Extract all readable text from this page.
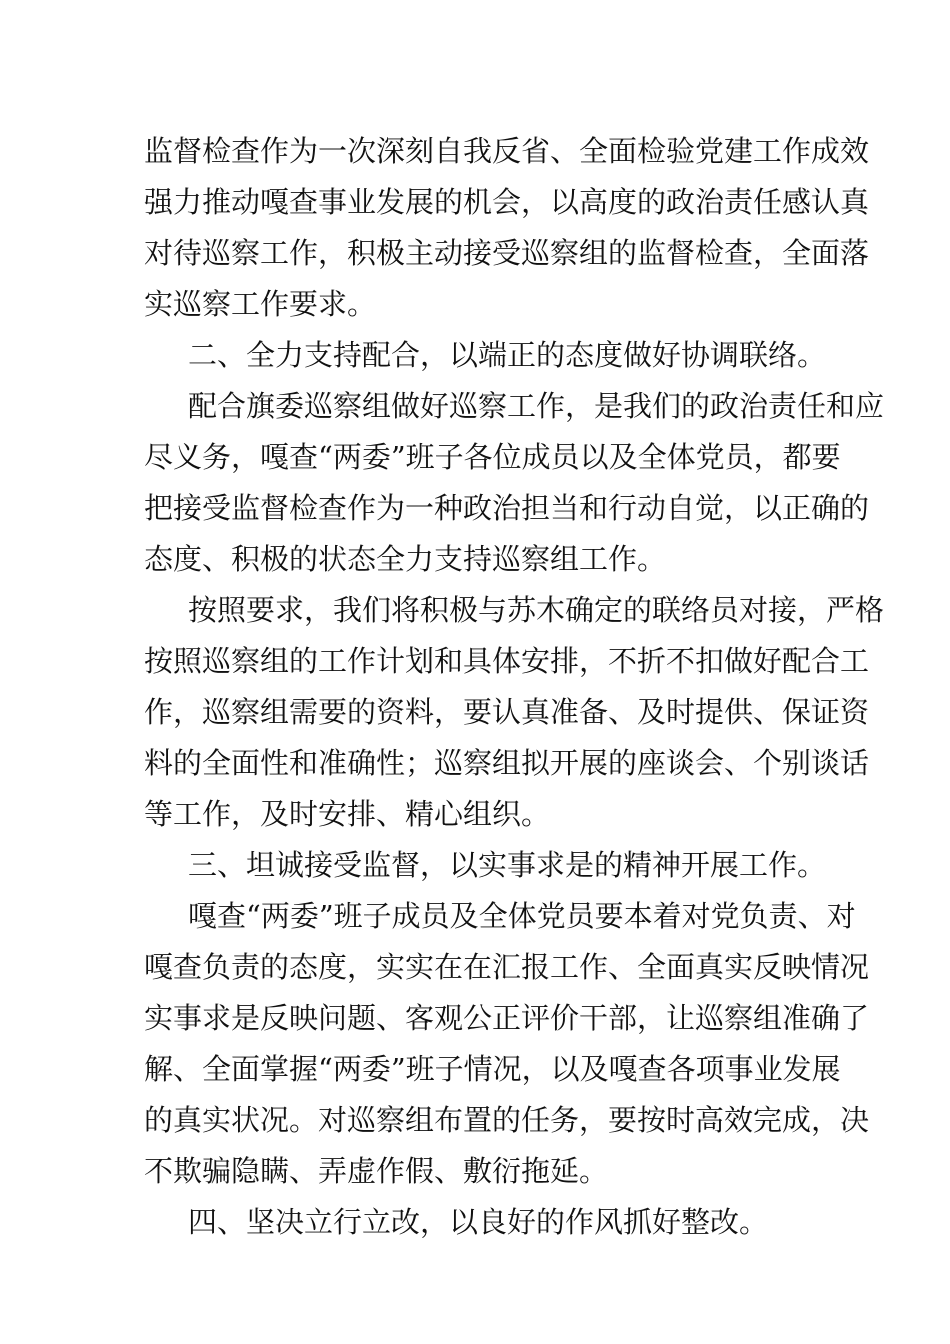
监督检查作为一次深刻自我反省、全面检验党建工作成效
强力推动嘎查事业发展的机会，以高度的政治责任感认真
对待巡察工作，积极主动接受巡察组的监督检查，全面落
实巡察工作要求。
二、全力支持配合，以端正的态度做好协调联络。
配合旗委巡察组做好巡察工作，是我们的政治责任和应
尽义务，嘎查“两委”班子各位成员以及全体党员，都要
把接受监督检查作为一种政治担当和行动自觉，以正确的
态度、积极的状态全力支持巡察组工作。
按照要求，我们将积极与苏木确定的联络员对接，严格
按照巡察组的工作计划和具体安排，不折不扣做好配合工
作，巡察组需要的资料，要认真准备、及时提供、保证资
料的全面性和准确性；巡察组拟开展的座谈会、个别谈话
等工作，及时安排、精心组织。
三、坦诚接受监督，以实事求是的精神开展工作。
嘎查“两委”班子成员及全体党员要本着对党负责、对
嘎查负责的态度，实实在在汇报工作、全面真实反映情况
实事求是反映问题、客观公正评价干部，让巡察组准确了
解、全面掌握“两委”班子情况，以及嘎查各项事业发展
的真实状况。对巡察组布置的任务，要按时高效完成，决
不欺骗隐瞒、弄虚作假、敷衍拖延。
四、坚决立行立改，以良好的作风抓好整改。
